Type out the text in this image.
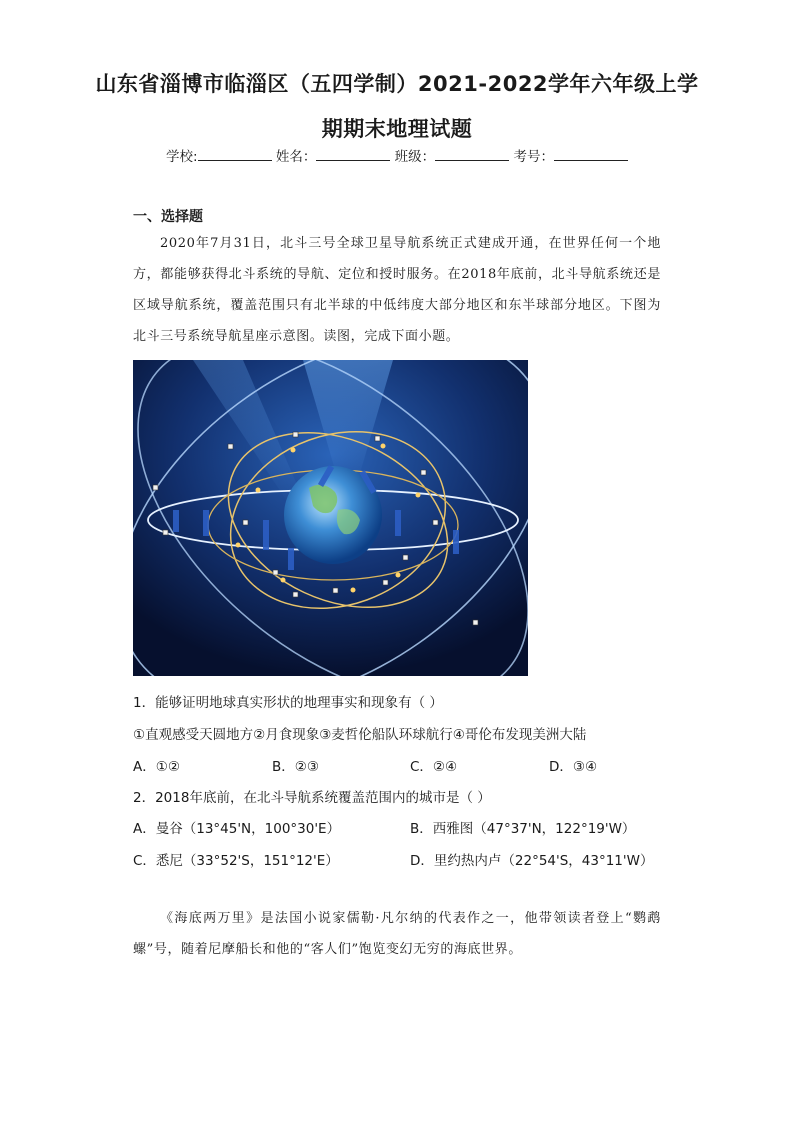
山东省淄博市临淄区（五四学制）2021-2022学年六年级上学
期期末地理试题
学校:	姓名：	班级：	考号：
一、选择题
2020年7月31日，北斗三号全球卫星导航系统正式建成开通，在世界任何一个地方，都能够获得北斗系统的导航、定位和授时服务。在2018年底前，北斗导航系统还是区域导航系统，覆盖范围只有北半球的中低纬度大部分地区和东半球部分地区。下图为北斗三号系统导航星座示意图。读图，完成下面小题。
1．能够证明地球真实形状的地理事实和现象有（ ）
①直观感受天圆地方②月食现象③麦哲伦船队环球航行④哥伦布发现美洲大陆
A．①②	B．②③	C．②④	D．③④
2．2018年底前，在北斗导航系统覆盖范围内的城市是（ ）
A．曼谷（13°45'N，100°30'E）	B．西雅图（47°37'N，122°19'W）
C．悉尼（33°52'S，151°12'E）	D．里约热内卢（22°54'S，43°11'W）
《海底两万里》是法国小说家儒勒·凡尔纳的代表作之一，他带领读者登上“鹦鹉螺”号，随着尼摩船长和他的“客人们”饱览变幻无穷的海底世界。
